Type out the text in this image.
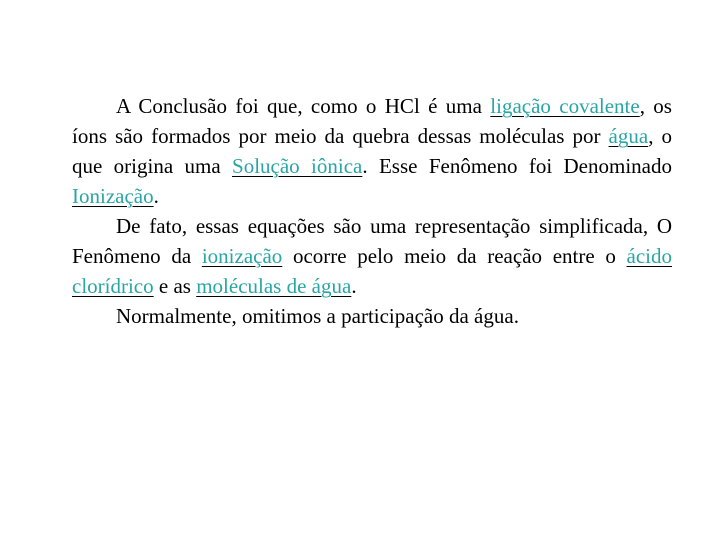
A Conclusão foi que, como o HCl é uma ligação covalente, os íons são formados por meio da quebra dessas moléculas por água, o que origina uma Solução iônica. Esse Fenômeno foi Denominado Ionização.

De fato, essas equações são uma representação simplificada, O Fenômeno da ionização ocorre pelo meio da reação entre o ácido clorídrico e as moléculas de água.

Normalmente, omitimos a participação da água.
